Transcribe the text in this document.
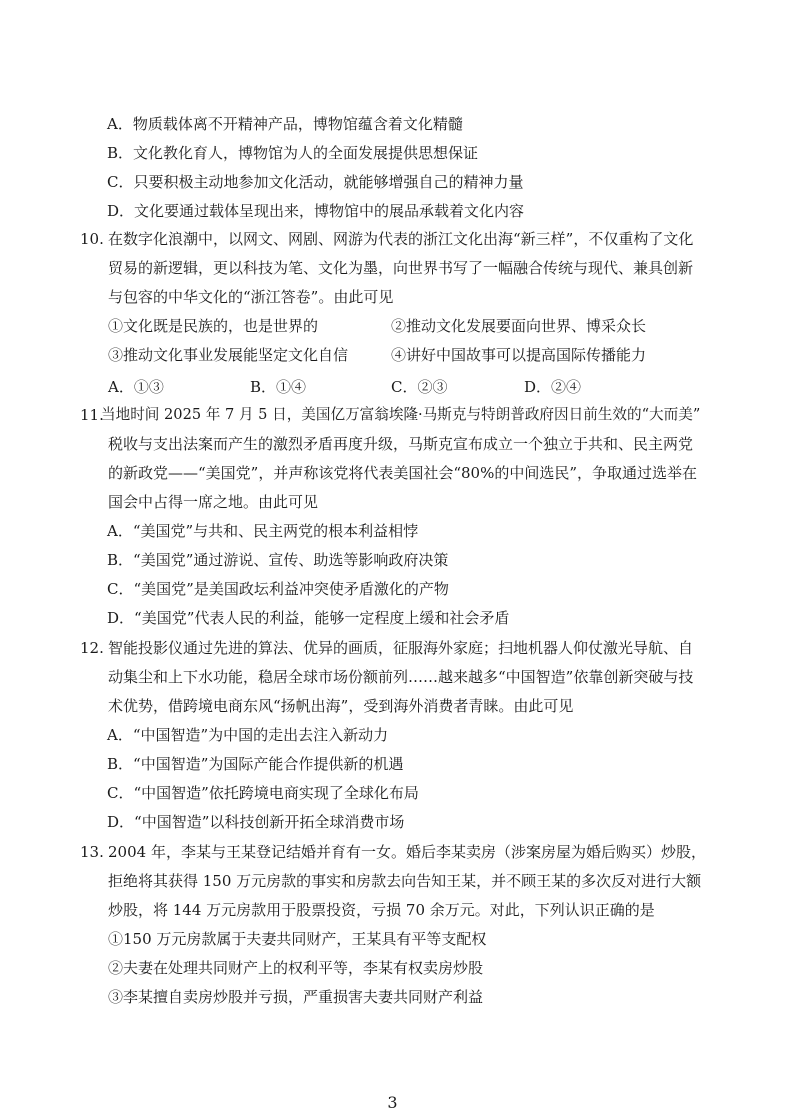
A．物质载体离不开精神产品，博物馆蕴含着文化精髓
B．文化教化育人，博物馆为人的全面发展提供思想保证
C．只要积极主动地参加文化活动，就能够增强自己的精神力量
D．文化要通过载体呈现出来，博物馆中的展品承载着文化内容
10. 在数字化浪潮中，以网文、网剧、网游为代表的浙江文化出海“新三样”，不仅重构了文化
贸易的新逻辑，更以科技为笔、文化为墨，向世界书写了一幅融合传统与现代、兼具创新
与包容的中华文化的“浙江答卷”。由此可见
①文化既是民族的，也是世界的	②推动文化发展要面向世界、博采众长
③推动文化事业发展能坚定文化自信	④讲好中国故事可以提高国际传播能力
A．①③	B．①④	C．②③	D．②④
11.
当地时间 2025 年 7 月 5 日，美国亿万富翁埃隆·马斯克与特朗普政府因日前生效的“大而美”
税收与支出法案而产生的激烈矛盾再度升级，马斯克宣布成立一个独立于共和、民主两党
的新政党——“美国党”，并声称该党将代表美国社会“80%的中间选民”，争取通过选举在
国会中占得一席之地。由此可见
A．“美国党”与共和、民主两党的根本利益相悖
B．“美国党”通过游说、宣传、助选等影响政府决策
C．“美国党”是美国政坛利益冲突使矛盾激化的产物
D．“美国党”代表人民的利益，能够一定程度上缓和社会矛盾
12. 智能投影仪通过先进的算法、优异的画质，征服海外家庭；扫地机器人仰仗激光导航、自
动集尘和上下水功能，稳居全球市场份额前列……越来越多“中国智造”依靠创新突破与技
术优势，借跨境电商东风“扬帆出海”，受到海外消费者青睐。由此可见
A．“中国智造”为中国的走出去注入新动力
B．“中国智造”为国际产能合作提供新的机遇
C．“中国智造”依托跨境电商实现了全球化布局
D．“中国智造”以科技创新开拓全球消费市场
13. 2004 年，李某与王某登记结婚并育有一女。婚后李某卖房（涉案房屋为婚后购买）炒股，
拒绝将其获得 150 万元房款的事实和房款去向告知王某，并不顾王某的多次反对进行大额
炒股，将 144 万元房款用于股票投资，亏损 70 余万元。对此，下列认识正确的是
①150 万元房款属于夫妻共同财产，王某具有平等支配权
②夫妻在处理共同财产上的权利平等，李某有权卖房炒股
③李某擅自卖房炒股并亏损，严重损害夫妻共同财产利益
3
